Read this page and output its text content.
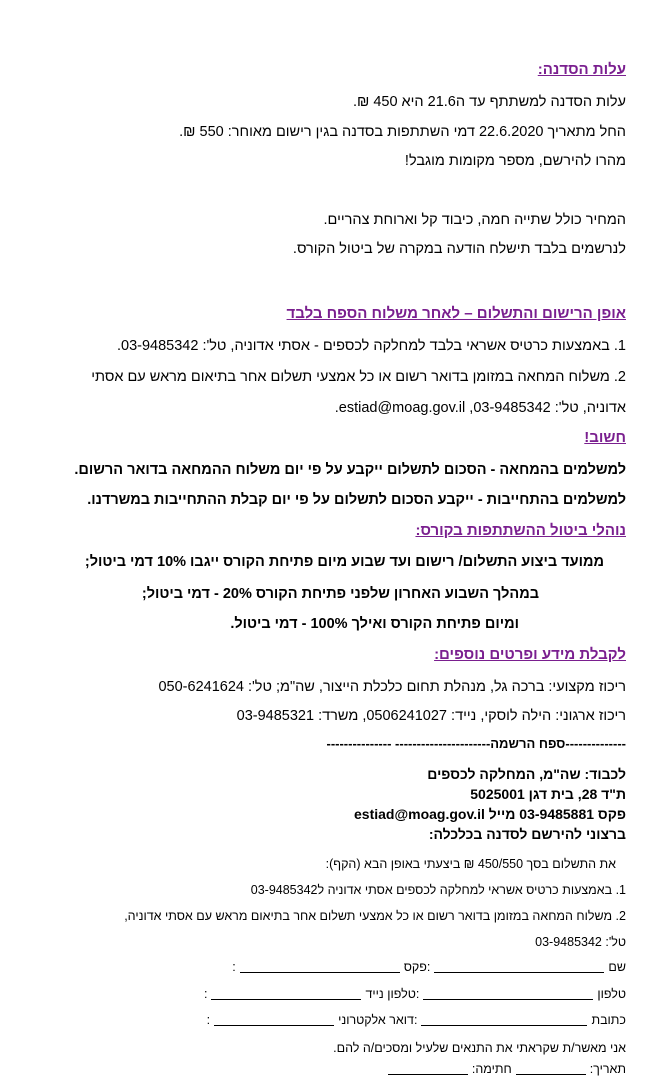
עלות הסדנה:
עלות הסדנה למשתתף עד ה21.6 היא 450 ₪.
החל מתאריך 22.6.2020 דמי השתתפות בסדנה בגין רישום מאוחר: 550 ₪.
מהרו להירשם, מספר מקומות מוגבל!
המחיר כולל שתייה חמה, כיבוד קל וארוחת צהריים.
לנרשמים בלבד תישלח הודעה במקרה של ביטול הקורס.
אופן הרישום והתשלום – לאחר משלוח הספח בלבד
1. באמצעות כרטיס אשראי בלבד למחלקה לכספים - אסתי אדוניה, טל': 03-9485342.
2. משלוח המחאה במזומן בדואר רשום או כל אמצעי תשלום אחר בתיאום מראש עם אסתי
אדוניה, טל': 03-9485342, estiad@moag.gov.il.
חשוב!
למשלמים בהמחאה - הסכום לתשלום ייקבע על פי יום משלוח ההמחאה בדואר הרשום.
למשלמים בהתחייבות - ייקבע הסכום לתשלום על פי יום קבלת ההתחייבות במשרדנו.
נוהלי ביטול ההשתתפות בקורס:
ממועד ביצוע התשלום/ רישום ועד שבוע מיום פתיחת הקורס ייגבו 10% דמי ביטול;
במהלך השבוע האחרון שלפני פתיחת הקורס 20% - דמי ביטול;
ומיום פתיחת הקורס ואילך 100% - דמי ביטול.
לקבלת מידע ופרטים נוספים:
ריכוז מקצועי: ברכה גל, מנהלת תחום כלכלת הייצור, שה"מ; טל': 050-6241624
ריכוז ארגוני: הילה לוסקי, נייד: 0506241027, משרד: 03-9485321
--------------ספח הרשמה---------------------- ---------------
לכבוד: שה"מ, המחלקה לכספים
ת"ד 28, בית דגן 5025001
פקס 03-9485881 מייל estiad@moag.gov.il
ברצוני להירשם לסדנה בכלכלה:
את התשלום בסך 450/550 ₪ ביצעתי באופן הבא (הקף):
1. באמצעות כרטיס אשראי למחלקה לכספים אסתי אדוניה ל03-9485342
2. משלוח המחאה במזומן בדואר רשום או כל אמצעי תשלום אחר בתיאום מראש עם אסתי אדוניה,
טל': 03-9485342
שם
:פקס
:
טלפון
:טלפון נייד
:
כתובת
:דואר אלקטרוני
:
אני מאשר/ת שקראתי את התנאים שלעיל ומסכים/ה להם.
תאריך:
חתימה:
